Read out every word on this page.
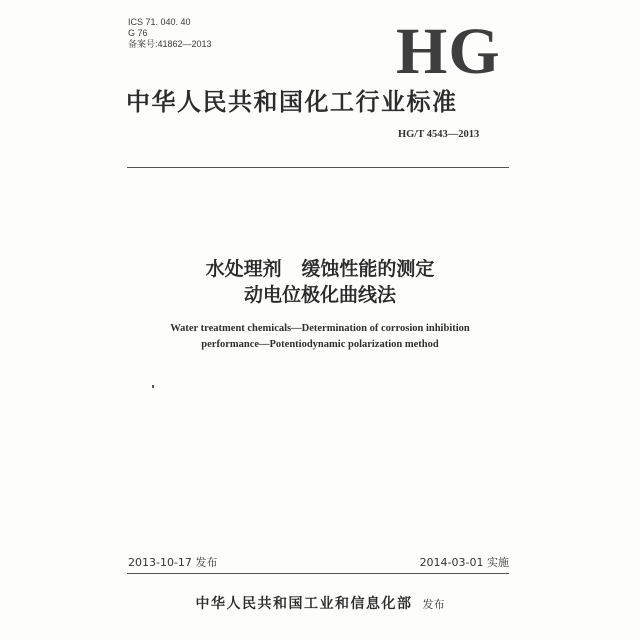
ICS 71. 040. 40
G 76
备案号:41862—2013	HG
中华人民共和国化工行业标准
HG/T 4543—2013
水处理剂   缓蚀性能的测定
动电位极化曲线法
Water treatment chemicals—Determination of corrosion inhibition
performance—Potentiodynamic polarization method
2013-10-17 发布	2014-03-01 实施
中华人民共和国工业和信息化部 发布
